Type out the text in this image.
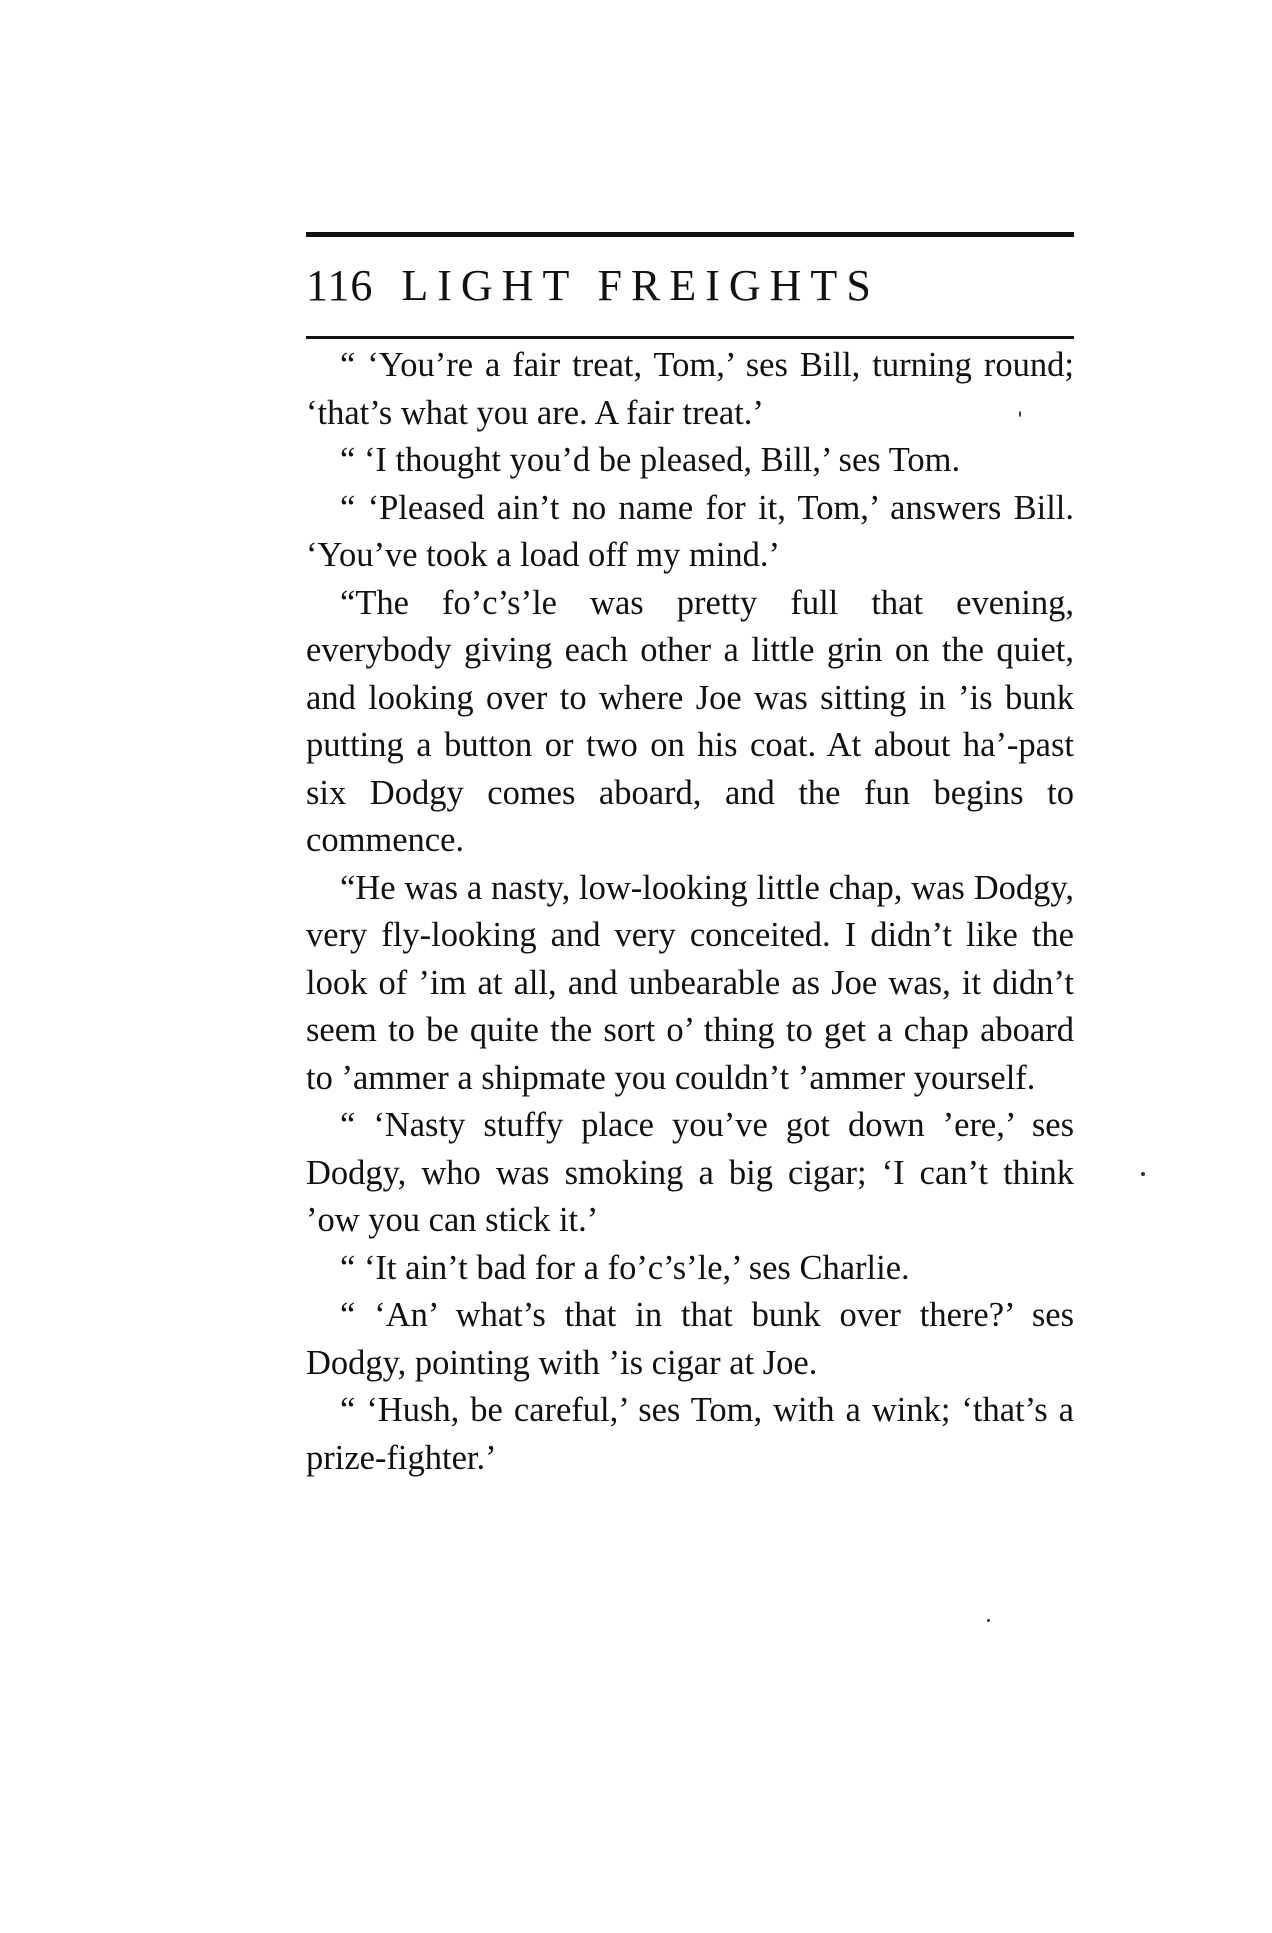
116 LIGHT FREIGHTS

“ ‘You’re a fair treat, Tom,’ ses Bill, turning round; ‘that’s what you are. A fair treat.’

“ ‘I thought you’d be pleased, Bill,’ ses Tom.

“ ‘Pleased ain’t no name for it, Tom,’ answers Bill. ‘You’ve took a load off my mind.’

“The fo’c’s’le was pretty full that evening, everybody giving each other a little grin on the quiet, and looking over to where Joe was sitting in ’is bunk putting a button or two on his coat. At about ha’-past six Dodgy comes aboard, and the fun begins to commence.

“He was a nasty, low-looking little chap, was Dodgy, very fly-looking and very conceited. I didn’t like the look of ’im at all, and unbearable as Joe was, it didn’t seem to be quite the sort o’ thing to get a chap aboard to ’ammer a shipmate you couldn’t ’ammer yourself.

“ ‘Nasty stuffy place you’ve got down ’ere,’ ses Dodgy, who was smoking a big cigar; ‘I can’t think ’ow you can stick it.’

“ ‘It ain’t bad for a fo’c’s’le,’ ses Charlie.

“ ‘An’ what’s that in that bunk over there?’ ses Dodgy, pointing with ’is cigar at Joe.

“ ‘Hush, be careful,’ ses Tom, with a wink; ‘that’s a prize-fighter.’
